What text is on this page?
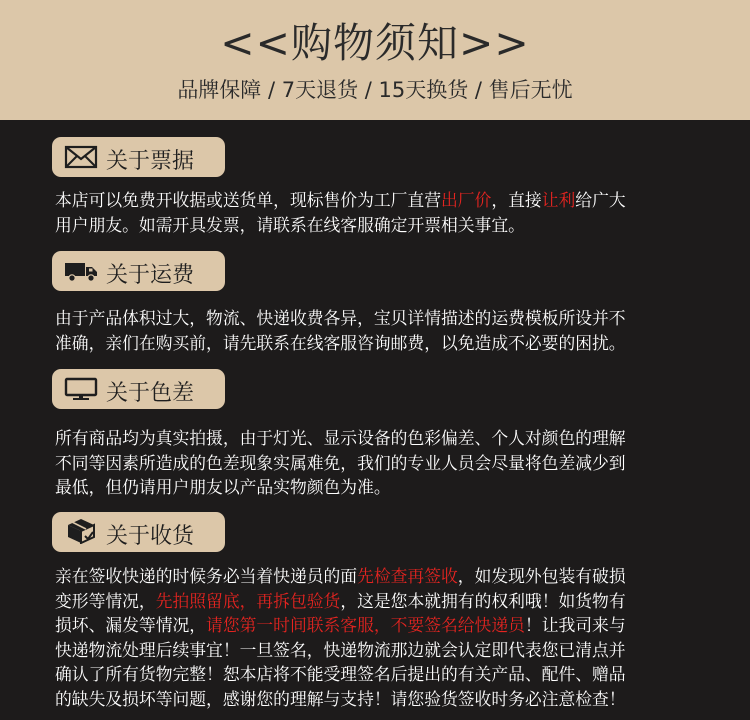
<<购物须知>>
品牌保障 / 7天退货 / 15天换货 / 售后无忧
关于票据
本店可以免费开收据或送货单，现标售价为工厂直营出厂价，直接让利给广大
用户朋友。如需开具发票，请联系在线客服确定开票相关事宜。
关于运费
由于产品体积过大，物流、快递收费各异，宝贝详情描述的运费模板所设并不
准确，亲们在购买前，请先联系在线客服咨询邮费，以免造成不必要的困扰。
关于色差
所有商品均为真实拍摄，由于灯光、显示设备的色彩偏差、个人对颜色的理解
不同等因素所造成的色差现象实属难免，我们的专业人员会尽量将色差减少到
最低，但仍请用户朋友以产品实物颜色为准。
关于收货
亲在签收快递的时候务必当着快递员的面先检查再签收，如发现外包装有破损
变形等情况，先拍照留底，再拆包验货，这是您本就拥有的权利哦！如货物有
损坏、漏发等情况，请您第一时间联系客服，不要签名给快递员！让我司来与
快递物流处理后续事宜！一旦签名，快递物流那边就会认定即代表您已清点并
确认了所有货物完整！恕本店将不能受理签名后提出的有关产品、配件、赠品
的缺失及损坏等问题，感谢您的理解与支持！请您验货签收时务必注意检查！
